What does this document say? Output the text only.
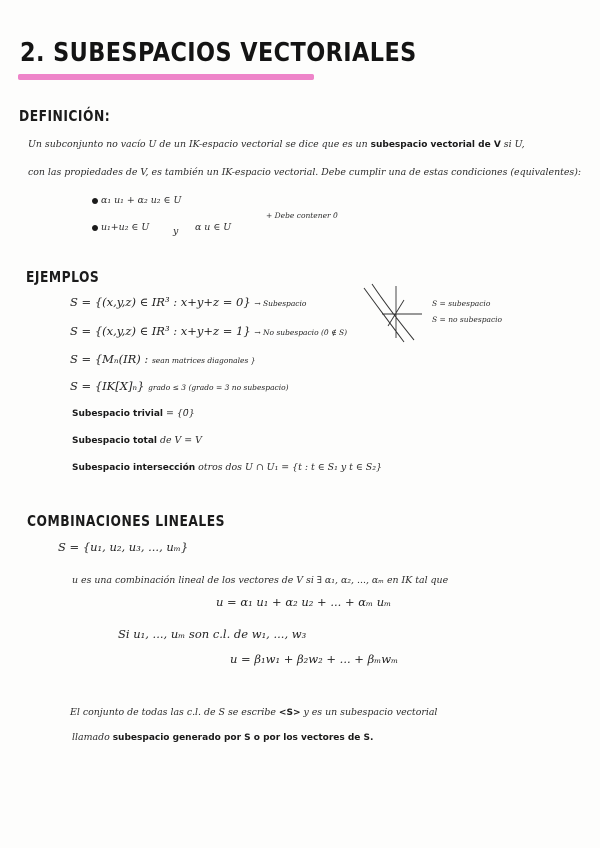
2. SUBESPACIOS VECTORIALES
DEFINICIÓN:
Un subconjunto no vacío U de un IK-espacio vectorial se dice que es un subespacio vectorial de V si U,
con las propiedades de V, es también un IK-espacio vectorial. Debe cumplir una de estas condiciones (equivalentes):
α₁ u₁ + α₂ u₂ ∈ U
u₁+u₂ ∈ U	y α u ∈ U
+ Debe contener 0̄
EJEMPLOS
S = {(x,y,z) ∈ IR³ : x+y+z = 0} → Subespacio
S = {(x,y,z) ∈ IR³ : x+y+z = 1} → No subespacio (0̄ ∉ S)
S = {Mₙ(IR) : sean matrices diagonales }
S = {IK[X]ₙ} grado ≤ 3 (grado = 3 no subespacio)
Subespacio trivial = {0̄}
Subespacio total de V = V
Subespacio intersección otros dos U ∩ U₁ = {t : t ∈ S₁ y t ∈ S₂}
S = subespacio
S = no subespacio
COMBINACIONES LINEALES
S = {u₁, u₂, u₃, ..., uₘ}
u es una combinación lineal de los vectores de V si ∃ α₁, α₂, ..., αₘ en IK tal que
u = α₁ u₁ + α₂ u₂ + ... + αₘ uₘ
Si u₁, ..., uₘ son c.l. de w₁, ..., w₃
u = β₁w₁ + β₂w₂ + ... + βₘwₘ
El conjunto de todas las c.l. de S se escribe <S> y es un subespacio vectorial
llamado subespacio generado por S o por los vectores de S.
